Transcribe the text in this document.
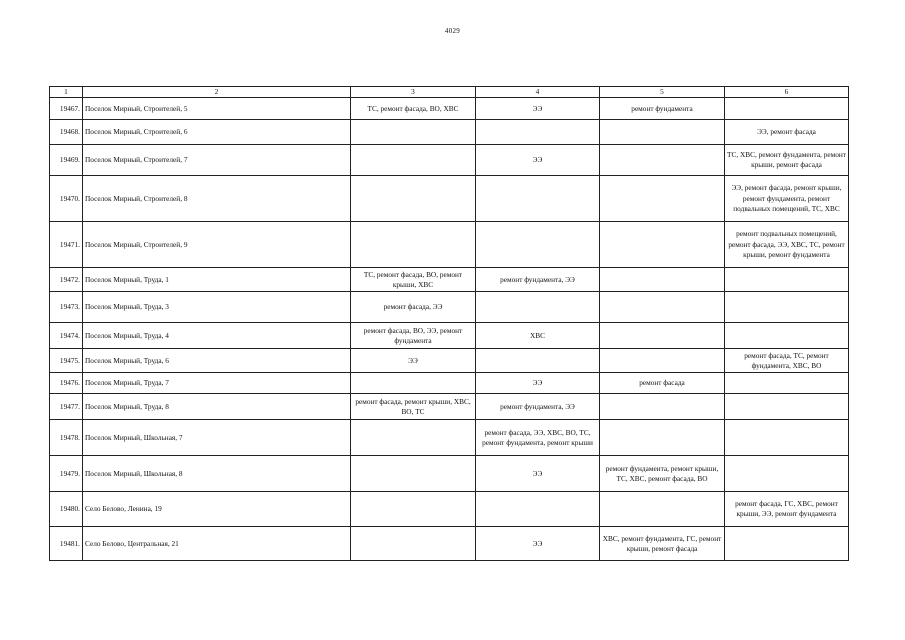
4029
1	2	3	4	5	6
19467.	Поселок Мирный, Строителей, 5	ТС, ремонт фасада, ВО, ХВС	ЭЭ	ремонт фундамента	
19468.	Поселок Мирный, Строителей, 6				ЭЭ, ремонт фасада
19469.	Поселок Мирный, Строителей, 7		ЭЭ		ТС, ХВС, ремонт фундамента, ремонт крыши, ремонт фасада
19470.	Поселок Мирный, Строителей, 8				ЭЭ, ремонт фасада, ремонт крыши, ремонт фундамента, ремонт подвальных помещений, ТС, ХВС
19471.	Поселок Мирный, Строителей, 9				ремонт подвальных помещений, ремонт фасада, ЭЭ, ХВС, ТС, ремонт крыши, ремонт фундамента
19472.	Поселок Мирный, Труда, 1	ТС, ремонт фасада, ВО, ремонт крыши, ХВС	ремонт фундамента, ЭЭ		
19473.	Поселок Мирный, Труда, 3	ремонт фасада, ЭЭ			
19474.	Поселок Мирный, Труда, 4	ремонт фасада, ВО, ЭЭ, ремонт фундамента	ХВС		
19475.	Поселок Мирный, Труда, 6	ЭЭ			ремонт фасада, ТС, ремонт фундамента, ХВС, ВО
19476.	Поселок Мирный, Труда, 7		ЭЭ	ремонт фасада	
19477.	Поселок Мирный, Труда, 8	ремонт фасада, ремонт крыши, ХВС, ВО, ТС	ремонт фундамента, ЭЭ		
19478.	Поселок Мирный, Школьная, 7		ремонт фасада, ЭЭ, ХВС, ВО, ТС, ремонт фундамента, ремонт крыши		
19479.	Поселок Мирный, Школьная, 8		ЭЭ	ремонт фундамента, ремонт крыши, ТС, ХВС, ремонт фасада, ВО	
19480.	Село Белово, Ленина, 19				ремонт фасада, ГС, ХВС, ремонт крыши, ЭЭ, ремонт фундамента
19481.	Село Белово, Центральная, 21		ЭЭ	ХВС, ремонт фундамента, ГС, ремонт крыши, ремонт фасада	
